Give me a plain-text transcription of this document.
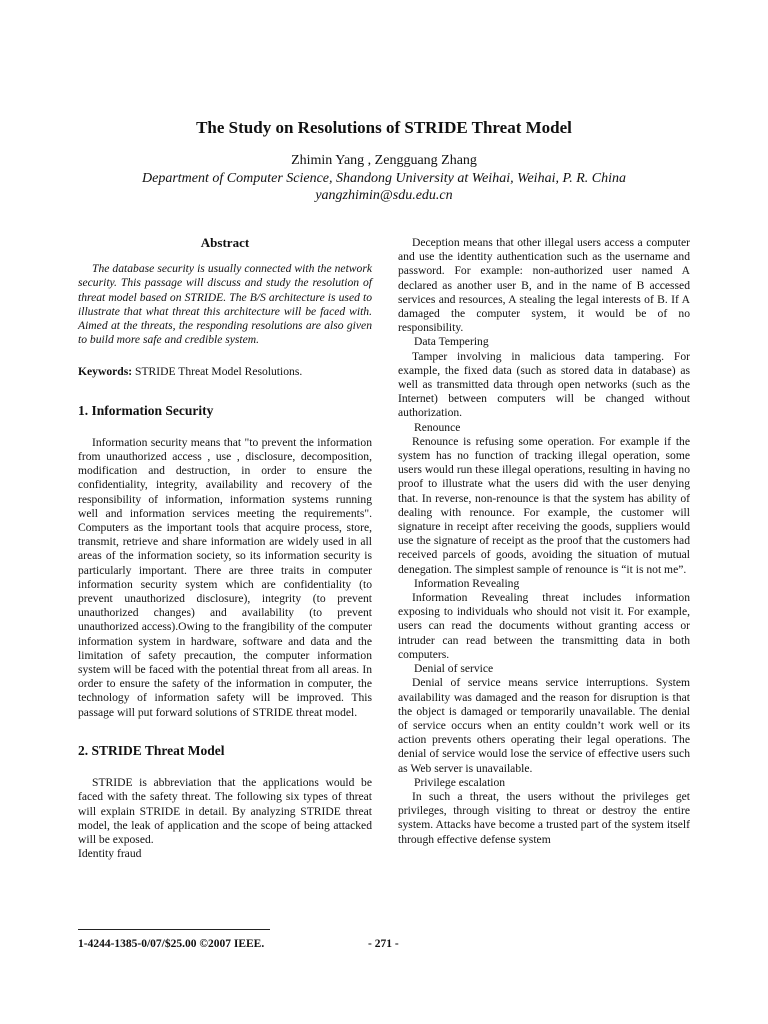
The Study on Resolutions of STRIDE Threat Model
Zhimin Yang , Zengguang Zhang
Department of Computer Science, Shandong University at Weihai, Weihai, P. R. China
yangzhimin@sdu.edu.cn

Abstract

The database security is usually connected with the network security. This passage will discuss and study the resolution of threat model based on STRIDE. The B/S architecture is used to illustrate that what threat this architecture will be faced with. Aimed at the threats, the responding resolutions are also given to build more safe and credible system.

Keywords: STRIDE Threat Model Resolutions.

1. Information Security

Information security means that "to prevent the information from unauthorized access , use , disclosure, decomposition, modification and destruction, in order to ensure the confidentiality, integrity, availability and recovery of the responsibility of information, information systems running well and information services meeting the requirements". Computers as the important tools that acquire process, store, transmit, retrieve and share information are widely used in all areas of the information society, so its information security is particularly important. There are three traits in computer information security system which are confidentiality (to prevent unauthorized disclosure), integrity (to prevent unauthorized changes) and availability (to prevent unauthorized access).Owing to the frangibility of the computer information system in hardware, software and data and the limitation of safety precaution, the computer information system will be faced with the potential threat from all areas. In order to ensure the safety of the information in computer, the technology of information safety will be improved. This passage will put forward solutions of STRIDE threat model.

2. STRIDE Threat Model

STRIDE is abbreviation that the applications would be faced with the safety threat. The following six types of threat will explain STRIDE in detail. By analyzing STRIDE threat model, the leak of application and the scope of being attacked will be exposed.

Identity fraud

Deception means that other illegal users access a computer and use the identity authentication such as the username and password. For example: non-authorized user named A declared as another user B, and in the name of B accessed services and resources, A stealing the legal interests of B. If A damaged the computer system, it would be of no responsibility.

Data Tempering

Tamper involving in malicious data tampering. For example, the fixed data (such as stored data in database) as well as transmitted data through open networks (such as the Internet) between computers will be changed without authorization.

Renounce

Renounce is refusing some operation. For example if the system has no function of tracking illegal operation, some users would run these illegal operations, resulting in having no proof to illustrate what the users did with the user denying that. In reverse, non-renounce is that the system has ability of dealing with renounce. For example, the customer will signature in receipt after receiving the goods, suppliers would use the signature of receipt as the proof that the customers had received parcels of goods, avoiding the situation of mutual denegation. The simplest sample of renounce is “it is not me”.

Information Revealing

Information Revealing threat includes information exposing to individuals who should not visit it. For example, users can read the documents without granting access or intruder can read between the transmitting data in both computers.

Denial of service

Denial of service means service interruptions. System availability was damaged and the reason for disruption is that the object is damaged or temporarily unavailable. The denial of service occurs when an entity couldn’t work well or its action prevents others operating their legal operations. The denial of service would lose the service of effective users such as Web server is unavailable.

Privilege escalation

In such a threat, the users without the privileges get privileges, through visiting to threat or destroy the entire system. Attacks have become a trusted part of the system itself through effective defense system

1-4244-1385-0/07/$25.00 ©2007 IEEE.	- 271 -
